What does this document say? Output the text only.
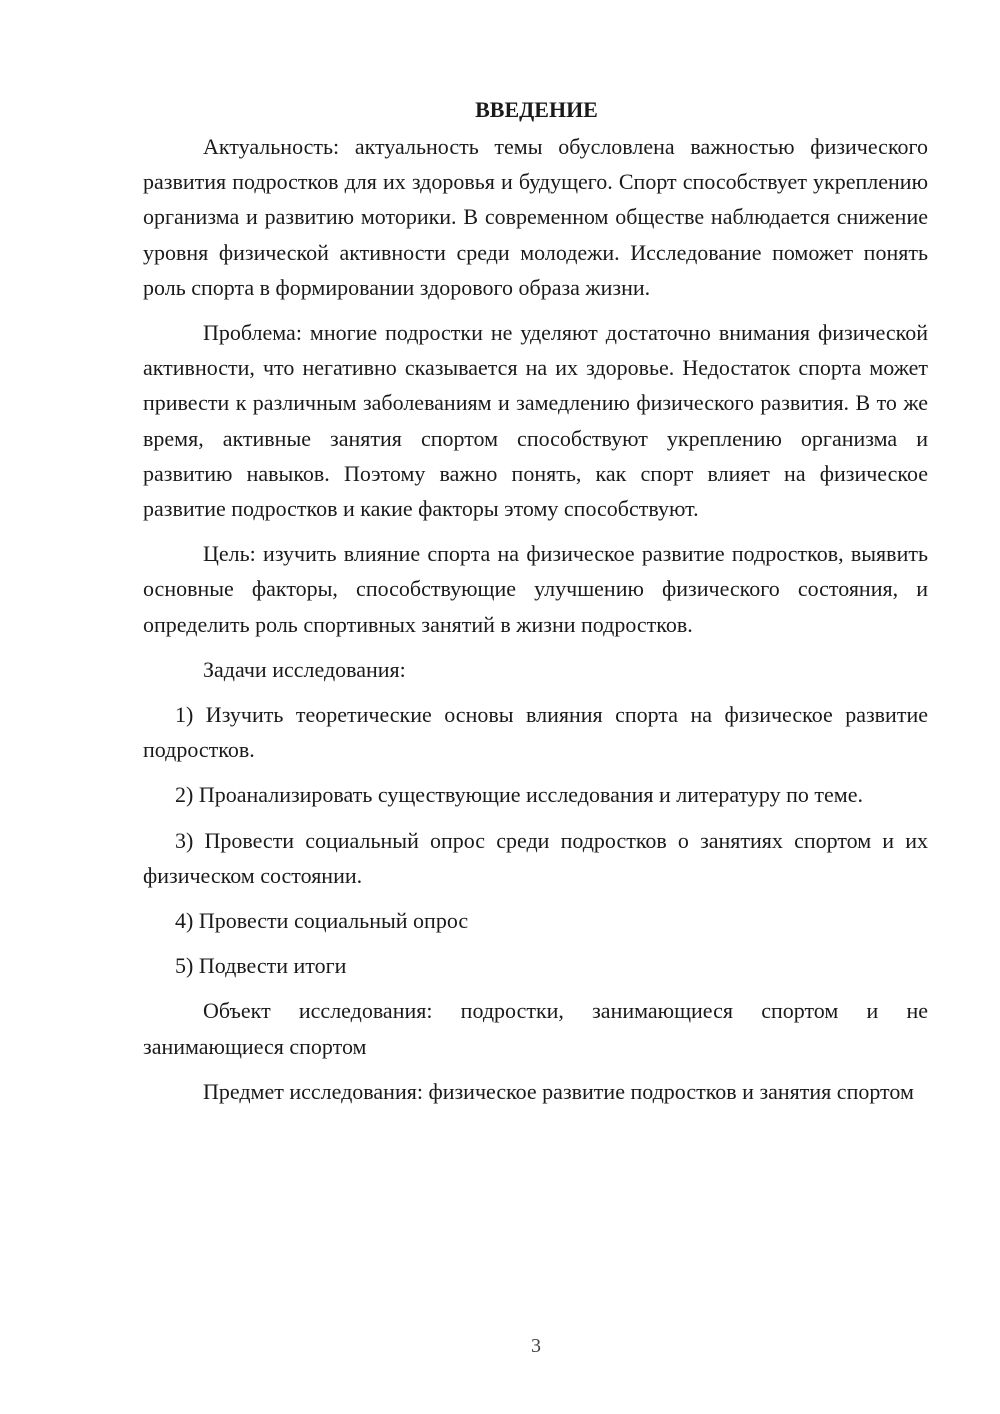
ВВЕДЕНИЕ

Актуальность: актуальность темы обусловлена важностью физического развития подростков для их здоровья и будущего. Спорт способствует укреплению организма и развитию моторики. В современном обществе наблюдается снижение уровня физической активности среди молодежи. Исследование поможет понять роль спорта в формировании здорового образа жизни.

Проблема: многие подростки не уделяют достаточно внимания физической активности, что негативно сказывается на их здоровье. Недостаток спорта может привести к различным заболеваниям и замедлению физического развития. В то же время, активные занятия спортом способствуют укреплению организма и развитию навыков. Поэтому важно понять, как спорт влияет на физическое развитие подростков и какие факторы этому способствуют.

Цель: изучить влияние спорта на физическое развитие подростков, выявить основные факторы, способствующие улучшению физического состояния, и определить роль спортивных занятий в жизни подростков.

Задачи исследования:

1) Изучить теоретические основы влияния спорта на физическое развитие подростков.

2) Проанализировать существующие исследования и литературу по теме.

3) Провести социальный опрос среди подростков о занятиях спортом и их физическом состоянии.

4) Провести социальный опрос

5) Подвести итоги

Объект исследования: подростки, занимающиеся спортом и не занимающиеся спортом

Предмет исследования: физическое развитие подростков и занятия спортом

3
